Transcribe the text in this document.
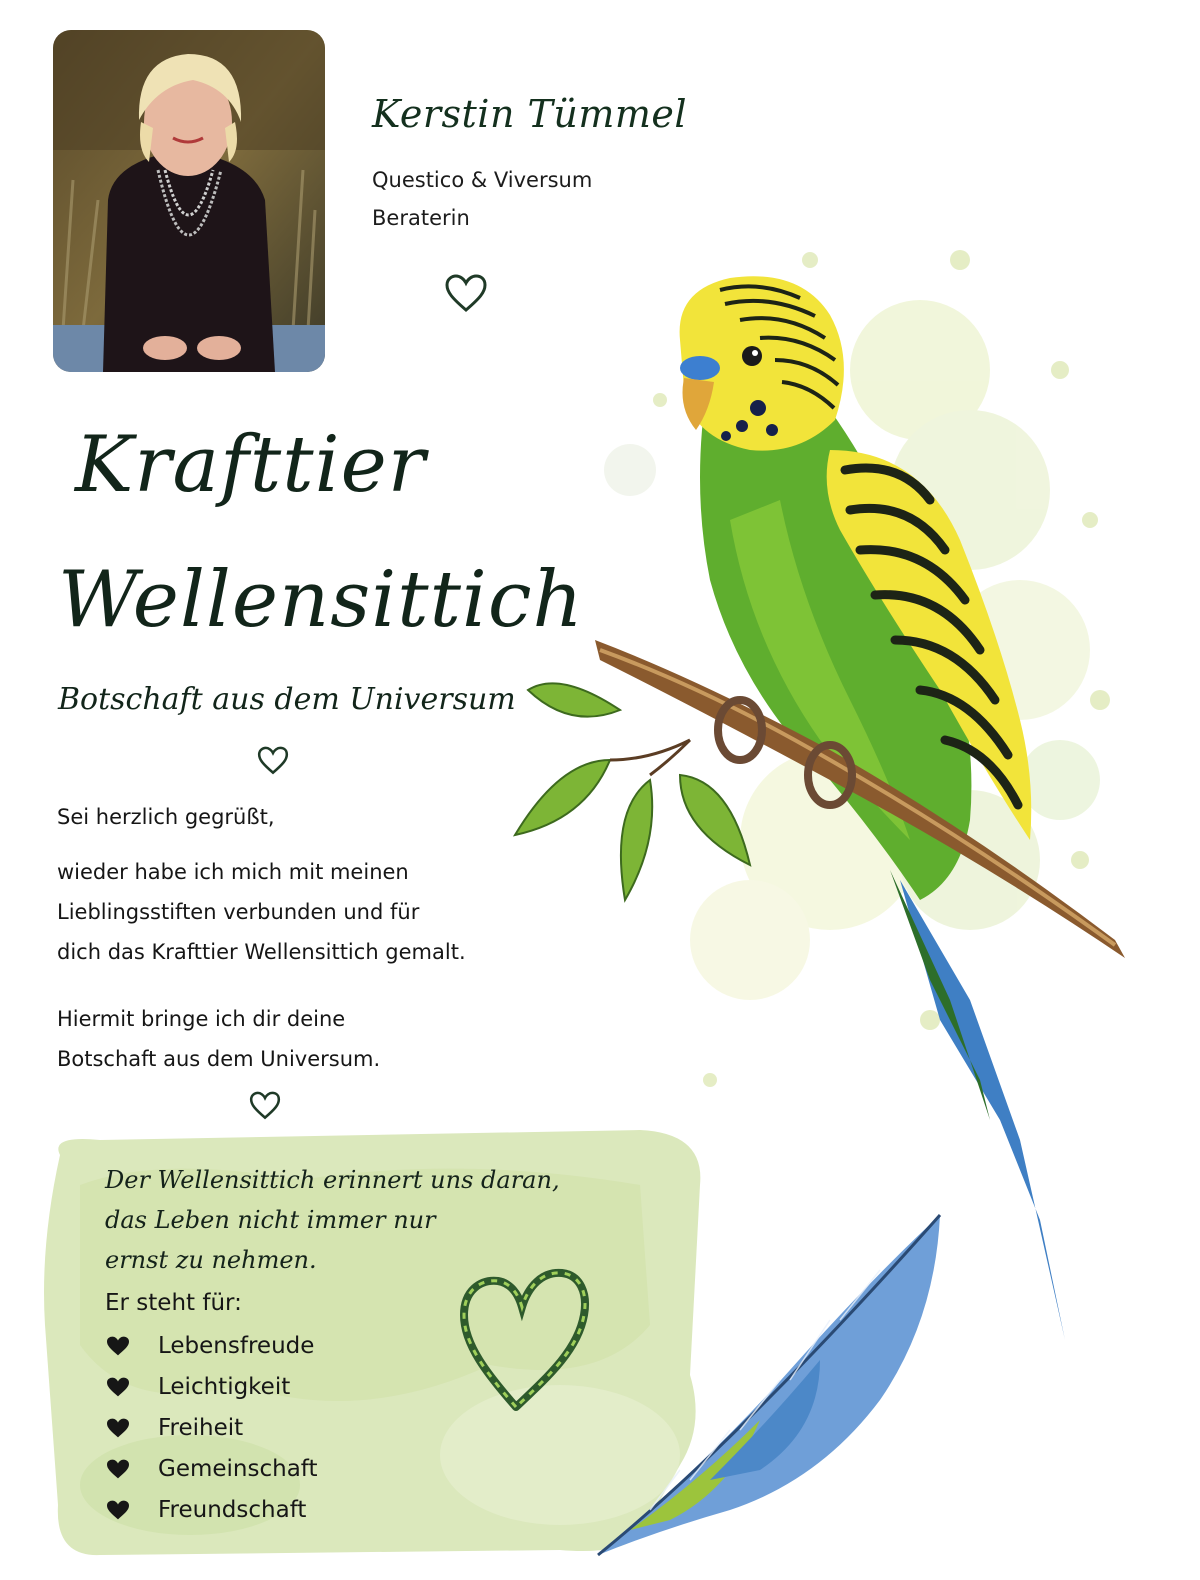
Kerstin Tümmel
Questico & Viversum
Beraterin
Krafttier
Wellensittich
Botschaft aus dem Universum
Sei herzlich gegrüßt,
wieder habe ich mich mit meinen
Lieblingsstiften verbunden und für
dich das Krafttier Wellensittich gemalt.
Hiermit bringe ich dir deine
Botschaft aus dem Universum.
Der Wellensittich erinnert uns daran,
das Leben nicht immer nur
ernst zu nehmen.
Er steht für:
Lebensfreude
Leichtigkeit
Freiheit
Gemeinschaft
Freundschaft
